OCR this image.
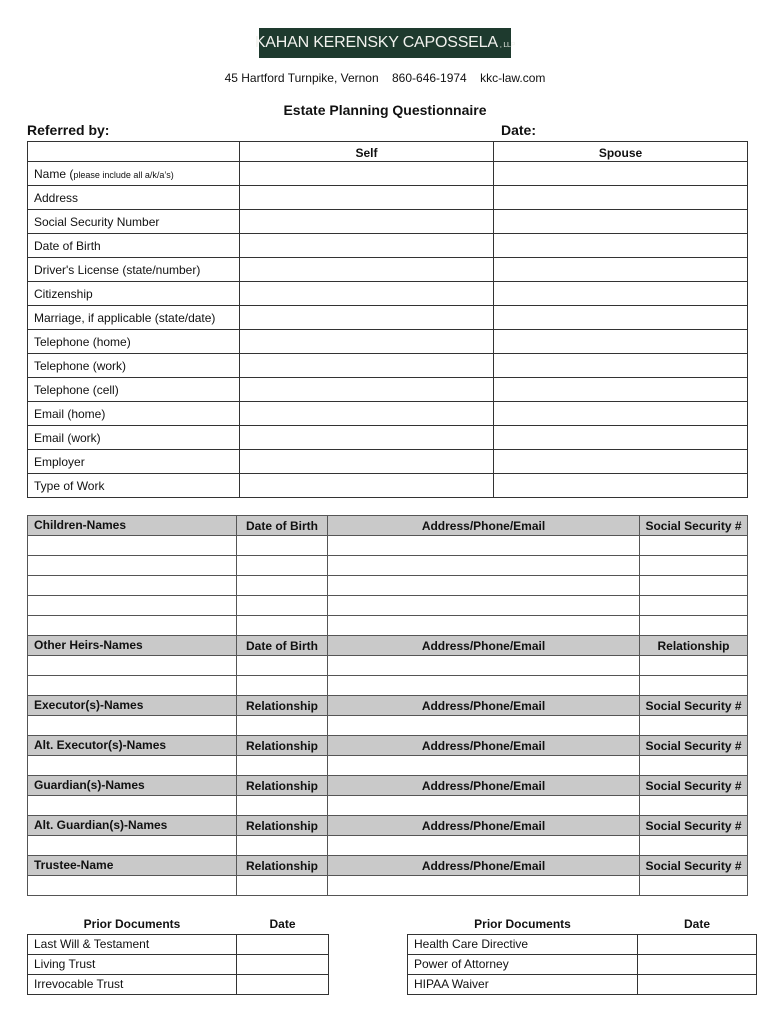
KAHAN KERENSKY CAPOSSELA , LLP
45 Hartford Turnpike, Vernon 860-646-1974 kkc-law.com
Estate Planning Questionnaire
Referred by:	Date:
	Self	Spouse
Name (please include all a/k/a’s)		
Address		
Social Security Number		
Date of Birth		
Driver's License (state/number)		
Citizenship		
Marriage, if applicable (state/date)		
Telephone (home)		
Telephone (work)		
Telephone (cell)		
Email (home)		
Email (work)		
Employer		
Type of Work		
Children-Names	Date of Birth	Address/Phone/Email	Social Security #

Other Heirs-Names	Date of Birth	Address/Phone/Email	Relationship

Executor(s)-Names	Relationship	Address/Phone/Email	Social Security #

Alt. Executor(s)-Names	Relationship	Address/Phone/Email	Social Security #

Guardian(s)-Names	Relationship	Address/Phone/Email	Social Security #

Alt. Guardian(s)-Names	Relationship	Address/Phone/Email	Social Security #

Trustee-Name	Relationship	Address/Phone/Email	Social Security #

Prior Documents	Date
Last Will & Testament	
Living Trust	
Irrevocable Trust	
Prior Documents	Date
Health Care Directive	
Power of Attorney	
HIPAA Waiver	
